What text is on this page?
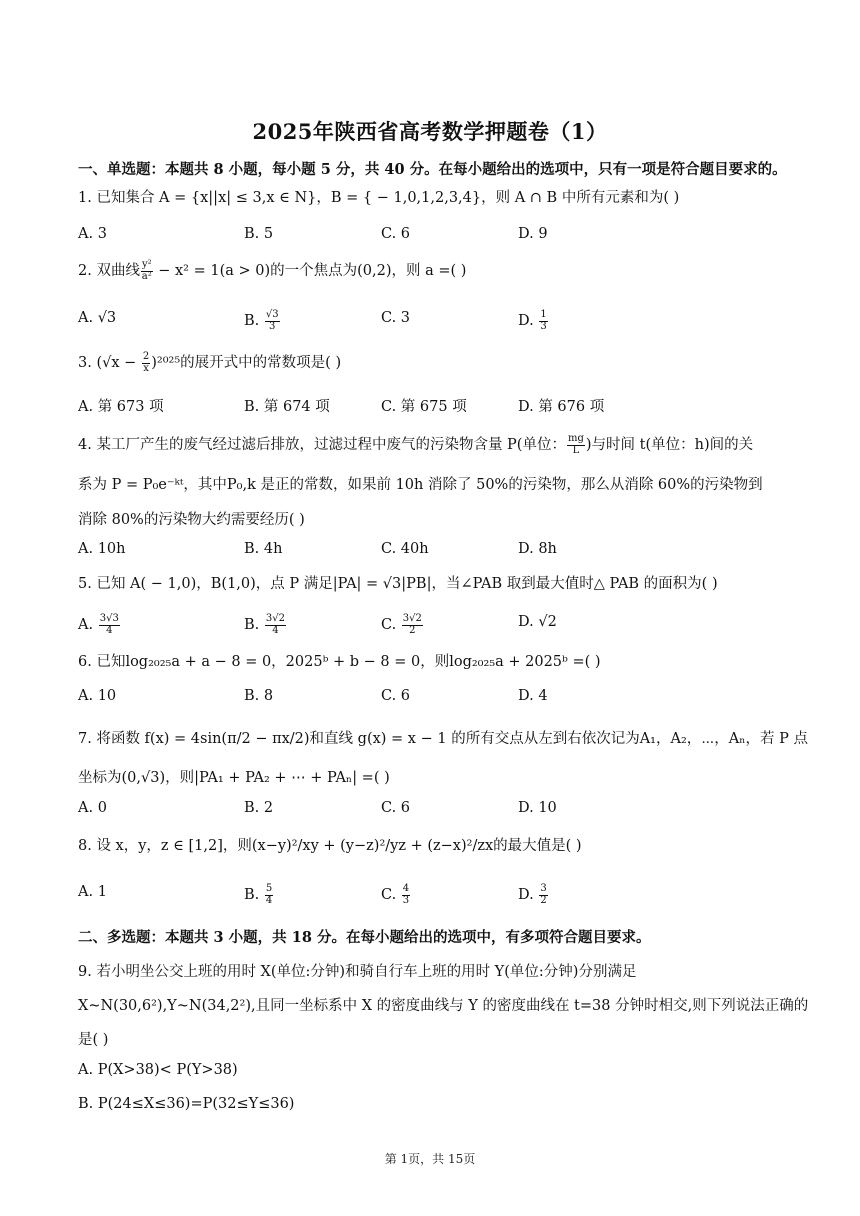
2025年陕西省高考数学押题卷（1）
一、单选题：本题共 8 小题，每小题 5 分，共 40 分。在每小题给出的选项中，只有一项是符合题目要求的。
1. 已知集合 A = {x||x| ≤ 3,x ∈ N}，B = { − 1,0,1,2,3,4}，则 A ∩ B 中所有元素和为( )
A. 3	B. 5	C. 6	D. 9
2. 双曲线 $\frac{\text{y²}}{\text{a²}} - x^2 = 1(a > 0)$的一个焦点为(0,2)，则 a =( )
A. √3	B. $\frac{√3}{3}$	C. 3	D. $\frac{1}{3}$
3. $(√x - \frac{2}{x} )^{2025}$的展开式中的常数项是( )
A. 第 673 项	B. 第 674 项	C. 第 675 项	D. 第 676 项
4. 某工厂产生的废气经过滤后排放，过滤过程中废气的污染物含量 P(单位： $\frac{mg}{L}$ )与时间 t(单位：h)间的关
系为 P = P₀e⁻ᵏᵗ，其中P₀,k 是正的常数，如果前 10h 消除了 50%的污染物，那么从消除 60%的污染物到
消除 80%的污染物大约需要经历( )
A. 10h	B. 4h	C. 40h	D. 8h
5. 已知 A( − 1,0)，B(1,0)，点 P 满足|PA| = √3|PB|，当∠PAB 取到最大值时△ PAB 的面积为( )
A. $\frac{3√3}{4}$	B. $\frac{3√2}{4}$	C. $\frac{3√2}{2}$	D. √2
6. 已知log₂₀₂₅a + a − 8 = 0，2025ᵇ + b − 8 = 0，则log₂₀₂₅a + 2025ᵇ =( )
A. 10	B. 8	C. 6	D. 4
7. 将函数 f(x) = 4sin(π/2 − πx/2)和直线 g(x) = x − 1 的所有交点从左到右依次记为A₁，A₂，⋯，Aₙ，若 P 点
坐标为(0,√3)，则|PA₁ + PA₂ + ⋯ + PAₙ| =( )
A. 0	B. 2	C. 6	D. 10
8. 设 x，y，z ∈ [1,2]，则(x−y)²/xy + (y−z)²/yz + (z−x)²/zx的最大值是( )
A. 1	B. $\frac{5}{4}$	C. $\frac{4}{3}$	D. $\frac{3}{2}$
二、多选题：本题共 3 小题，共 18 分。在每小题给出的选项中，有多项符合题目要求。
9. 若小明坐公交上班的用时 X(单位:分钟)和骑自行车上班的用时 Y(单位:分钟)分别满足
X~N(30,6²),Y~N(34,2²),且同一坐标系中 X 的密度曲线与 Y 的密度曲线在 t=38 分钟时相交,则下列说法正确的
是( )
A. P(X>38)< P(Y>38)
B. P(24≤X≤36)=P(32≤Y≤36)
第 1页，共 15页
